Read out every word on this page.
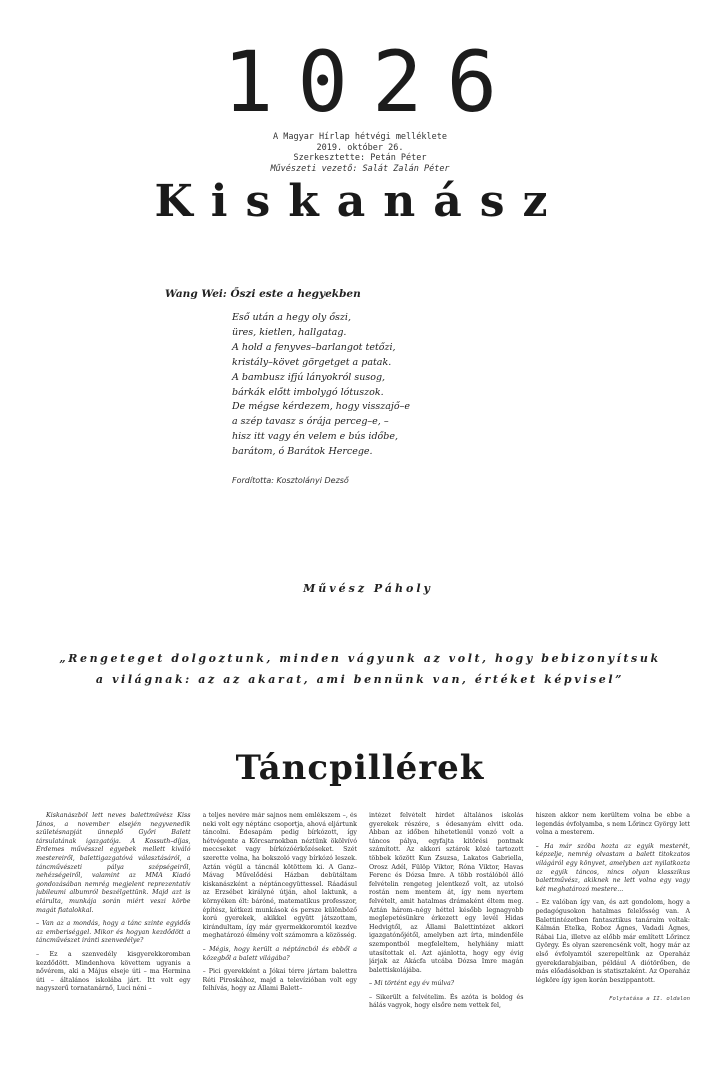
1026
A Magyar Hírlap hétvégi melléklete
2019. október 26.
Szerkesztette: Petán Péter
Művészeti vezető: Salát Zalán Péter
Kiskanász
Wang Wei: Őszi este a hegyekben
Eső után a hegy oly őszi,
üres, kietlen, hallgatag.
A hold a fenyves–barlangot tetőzi,
kristály–követ görgetget a patak.
A bambusz ifjú lányokról susog,
bárkák előtt imbolygó lótuszok.
De mégse kérdezem, hogy visszajő–e
a szép tavasz s órája perceg–e, –
hisz itt vagy én velem e bús időbe,
barátom, ó Barátok Hercege.
Fordította: Kosztolányi Dezső
Művész Páholy
„Rengeteget dolgoztunk, minden vágyunk az volt, hogy bebizonyítsuk
a világnak: az az akarat, ami bennünk van, értéket képvisel”
Táncpillérek

Kiskanászból lett neves balettművész Kiss János, a november elsején negyvenedik születésnapját ünneplő Győri Balett társulatának igazgatója. A Kossuth–díjas, Érdemes művésszel egyebek mellett kiváló mestereiről, balettigazgatóvá választásáról, a táncművészeti pálya szépségeiről, nehézségeiről, valamint az MMA Kiadó gondozásában nemrég megjelent reprezentatív jubileumi albumról beszélgettünk. Majd azt is elárulta, munkája során miért veszi körbe magát fiatalokkal.

– Van az a mondás, hogy a tánc szinte egyidős az emberiséggel. Mikor és hogyan kezdődött a táncművészet iránti szenvedélye?

– Ez a szenvedély kisgyerekkoromban kezdődött. Mindenhova követtem ugyanis a nővérem, aki a Május elseje úti – ma Hermina úti – általános iskolába járt. Itt volt egy nagyszerű tornatanárnő, Luci néni –

a teljes nevére már sajnos nem emlékszem –, és neki volt egy néptánc csoportja, ahová eljártunk táncolni. Édesapám pedig bírkózott, így hétvégente a Körcsarnokban néztünk ökölvívó meccseket vagy bírkózóérkőzéseket. Szét szerette volna, ha bokszoló vagy bírkózó leszek. Aztán végül a táncnál kötöttem ki. A Ganz–Mávag Művelődési Házban debütáltam kiskanászként a néptáncegyüttessel. Ráadásul az Erzsébet királyné útján, ahol laktunk, a környéken élt: báróné, matematikus professzor, építész, kétkezi munkások és persze különböző korú gyerekek, akikkel együtt játszottam, kirándultam, így már gyermekkoromtól kezdve meghatározó élmény volt számomra a közösség.

– Mégis, hogy került a néptáncból és ebből a közegből a balett világába?

– Pici gyerekként a Jókai térre jártam balettra Réti Piroskához, majd a televízióban volt egy felhívás, hogy az Állami Balett–

intézet felvételt hirdet általános iskolás gyerekek részére, s édesanyám elvitt oda. Abban az időben hihetetlenül vonzó volt a táncos pálya, egyfajta kitörési pontnak számított. Az akkori sztárok közé tartozott többek között Kun Zsuzsa, Lakatos Gabriella, Orosz Adél, Fülöp Viktor, Róna Viktor, Havas Ferenc és Dózsa Imre. A több rostálóból álló felvételin rengeteg jelentkező volt, az utolsó rostán nem mentem át, így nem nyertem felvételt, amit hatalmas drámaként éltem meg. Aztán három–négy héttel később legnagyobb meglepetésünkre érkezett egy levél Hidas Hedvigtől, az Állami Balettintézet akkori igazgatónőjétől, amelyben azt írta, mindenféle szempontból megfeleltem, helyhiány miatt utasítottak el. Azt ajánlotta, hogy egy évig járjak az Akácfa utcába Dózsa Imre magán balettiskolájába.

– Mi történt egy év múlva?

– Sikerült a felvételim. És azóta is boldog és hálás vagyok, hogy elsőre nem vettek fel,

hiszen akkor nem kerültem volna be ebbe a legendás évfolyamba, s nem Lőrincz György lett volna a mesterem.

– Ha már szóba hozta az egyik mesterét, képzelje, nemrég olvastam a balett titokzatos világáról egy könyvet, amelyben azt nyilatkozta az egyik táncos, nincs olyan klasszikus balettművész, akiknek ne lett volna egy vagy két meghatározó mestere...

– Ez valóban így van, és azt gondolom, hogy a pedagógusokon hatalmas felelősség van. A Balettintézetben fantasztikus tanáraim voltak: Kálmán Etelka, Roboz Ágnes, Vadadi Ágnes, Rábai Lia, illetve az előbb már említett Lőrincz György. És olyan szerencsénk volt, hogy már az első évfolyamtól szerepeltünk az Operaház gyerekdarabjaiban, például A diótörőben, de más előadásokban is statisztaként. Az Operaház légköre így igen korán beszippantott.

Folytatása a II. oldalon
